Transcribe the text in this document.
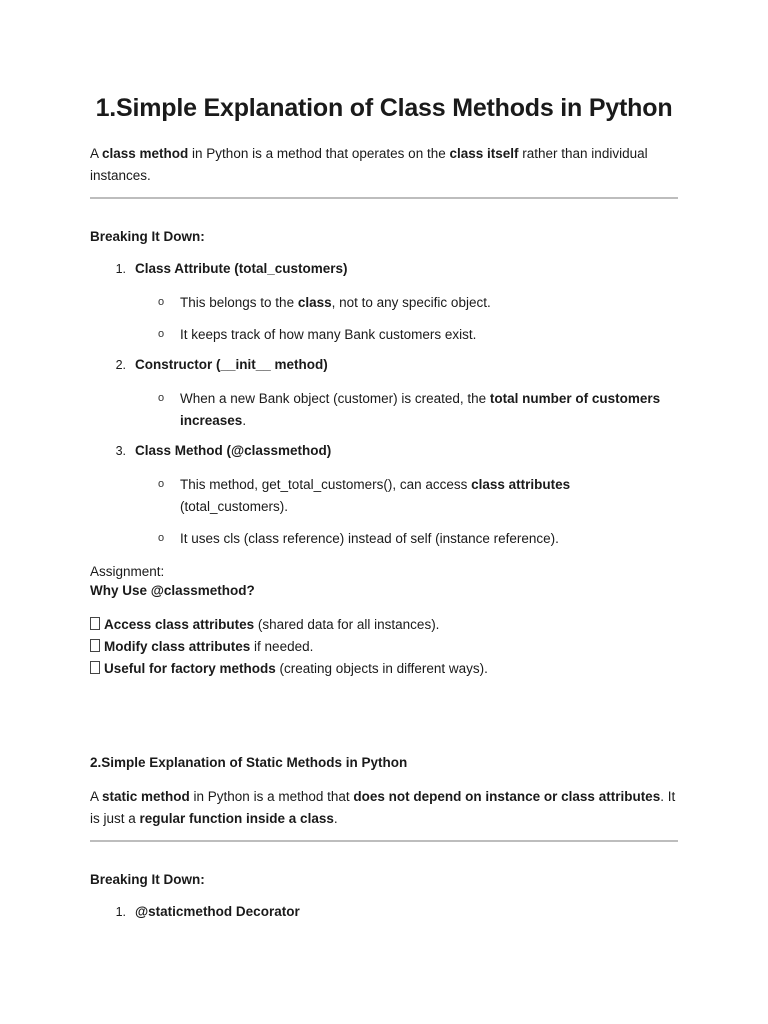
1.Simple Explanation of Class Methods in Python
A class method in Python is a method that operates on the class itself rather than individual
instances.
Breaking It Down:
1. Class Attribute (total_customers)
o This belongs to the class, not to any specific object.
o It keeps track of how many Bank customers exist.
2. Constructor (__init__ method)
o When a new Bank object (customer) is created, the total number of customers
increases.
3. Class Method (@classmethod)
o This method, get_total_customers(), can access class attributes
(total_customers).
o It uses cls (class reference) instead of self (instance reference).
Assignment:
Why Use @classmethod?
Access class attributes (shared data for all instances).
Modify class attributes if needed.
Useful for factory methods (creating objects in different ways).
2.Simple Explanation of Static Methods in Python
A static method in Python is a method that does not depend on instance or class attributes. It
is just a regular function inside a class.
Breaking It Down:
1. @staticmethod Decorator
